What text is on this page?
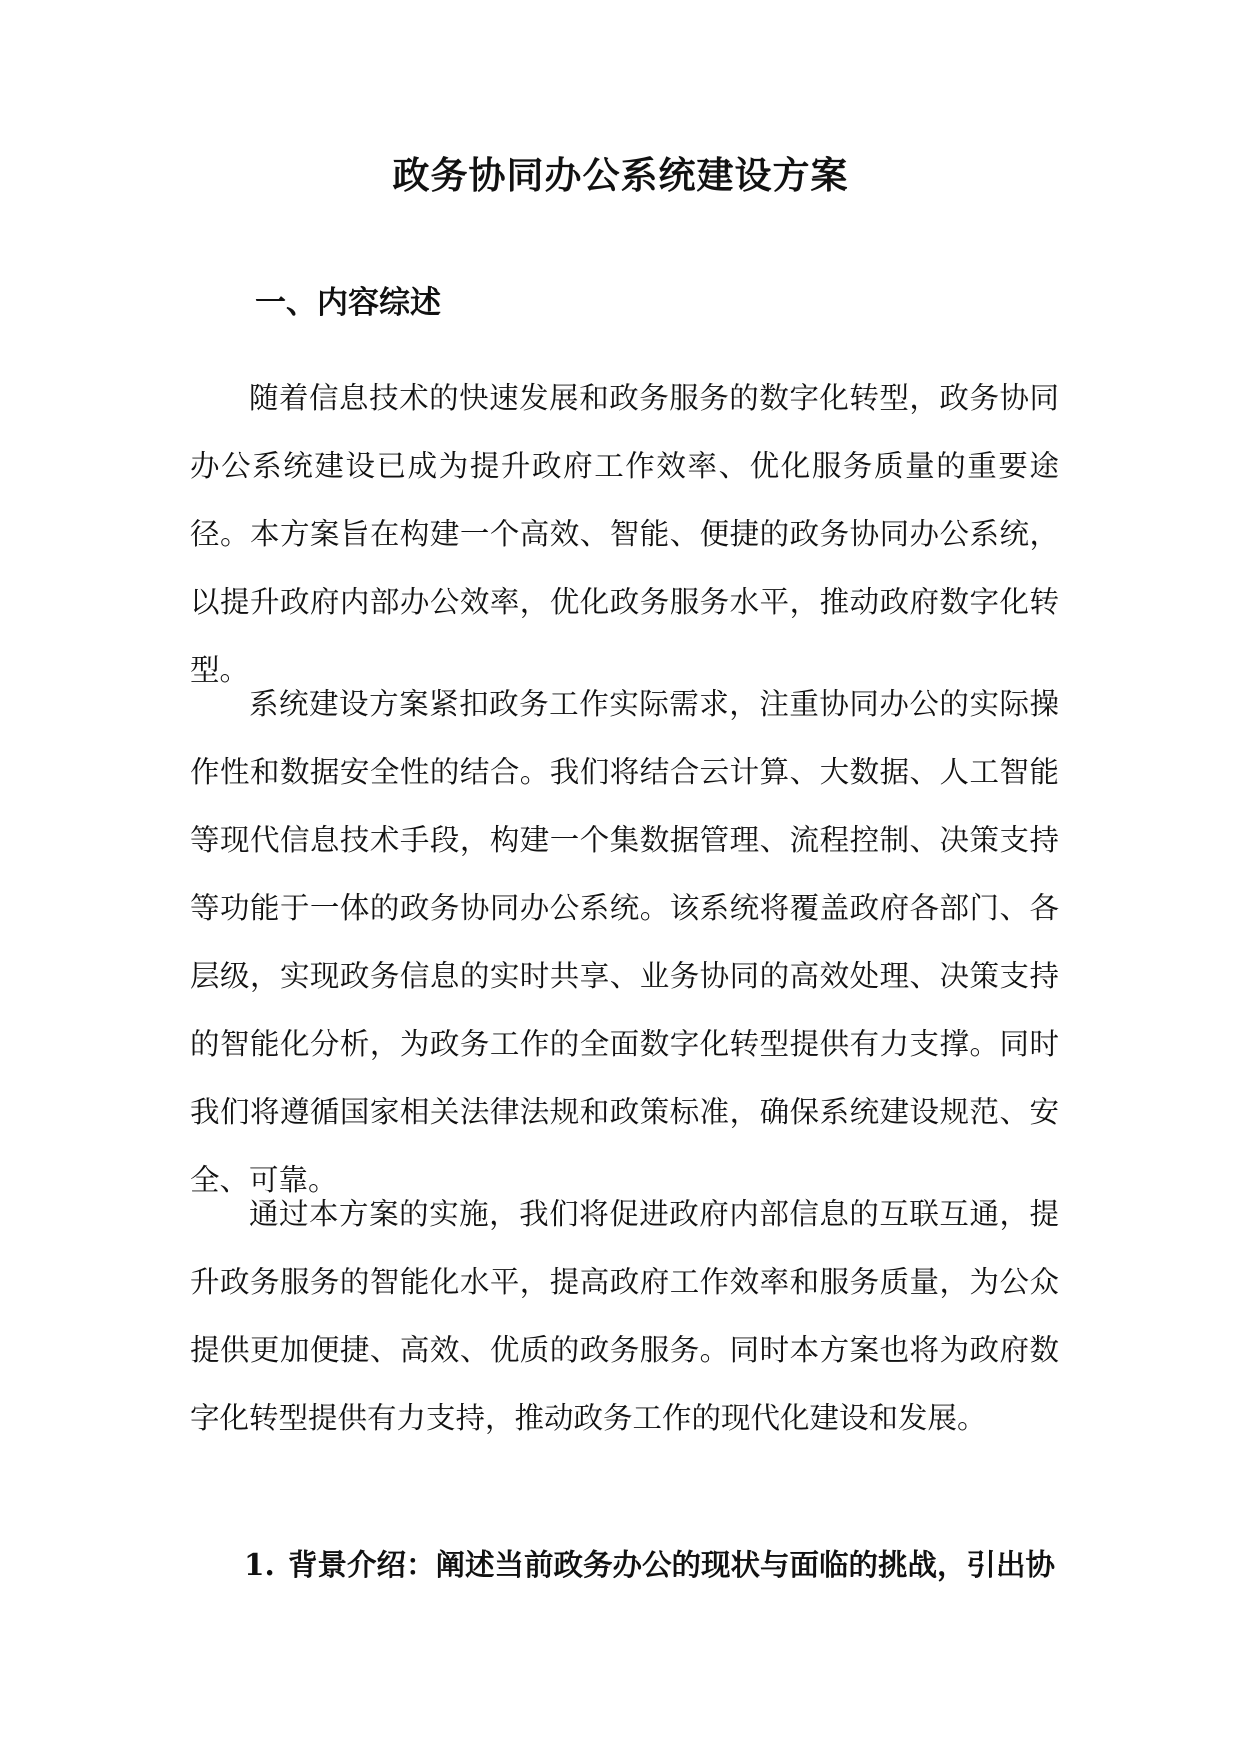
政务协同办公系统建设方案
一、内容综述

随着信息技术的快速发展和政务服务的数字化转型，政务协同办公系统建设已成为提升政府工作效率、优化服务质量的重要途径。本方案旨在构建一个高效、智能、便捷的政务协同办公系统，以提升政府内部办公效率，优化政务服务水平，推动政府数字化转型。

系统建设方案紧扣政务工作实际需求，注重协同办公的实际操作性和数据安全性的结合。我们将结合云计算、大数据、人工智能等现代信息技术手段，构建一个集数据管理、流程控制、决策支持等功能于一体的政务协同办公系统。该系统将覆盖政府各部门、各层级，实现政务信息的实时共享、业务协同的高效处理、决策支持的智能化分析，为政务工作的全面数字化转型提供有力支撑。同时我们将遵循国家相关法律法规和政策标准，确保系统建设规范、安全、可靠。

通过本方案的实施，我们将促进政府内部信息的互联互通，提升政务服务的智能化水平，提高政府工作效率和服务质量，为公众提供更加便捷、高效、优质的政务服务。同时本方案也将为政府数字化转型提供有力支持，推动政务工作的现代化建设和发展。

1. 背景介绍：阐述当前政务办公的现状与面临的挑战，引出协
